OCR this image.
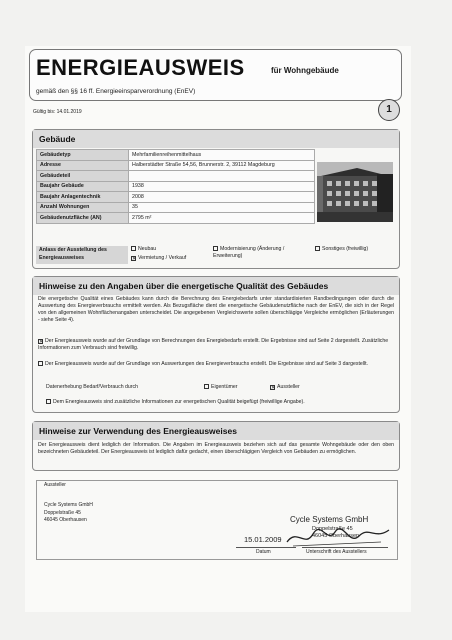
ENERGIEAUSWEIS	für Wohngebäude
gemäß den §§ 16 ff. Energieeinsparverordnung (EnEV)
Gültig bis: 14.01.2019	1
Gebäude
Gebäudetyp	Mehrfamilienreihenmittelhaus
Adresse	Halberstädter Straße 54,56, Brunnerstr. 2, 39112 Magdeburg
Gebäudeteil	
Baujahr Gebäude	1938
Baujahr Anlagentechnik	2008
Anzahl Wohnungen	35
Gebäudenutzfläche (AN)	2795 m²
Anlass der Ausstellung des Energieausweises
Neubau
✕ Vermietung / Verkauf
Modernisierung (Änderung / Erweiterung)
Sonstiges (freiwillig)
Hinweise zu den Angaben über die energetische Qualität des Gebäudes
Die energetische Qualität eines Gebäudes kann durch die Berechnung des Energiebedarfs unter standardisierten Randbedingungen oder durch die Auswertung des Energieverbrauchs ermittelt werden. Als Bezugsfläche dient die energetische Gebäudenutzfläche nach der EnEV, die sich in der Regel von den allgemeinen Wohnflächenangaben unterscheidet. Die angegebenen Vergleichswerte sollen überschlägige Vergleiche ermöglichen (Erläuterungen - siehe Seite 4).
✕ Der Energieausweis wurde auf der Grundlage von Berechnungen des Energiebedarfs erstellt. Die Ergebnisse sind auf Seite 2 dargestellt. Zusätzliche Informationen zum Verbrauch sind freiwillig.
Der Energieausweis wurde auf der Grundlage von Auswertungen des Energieverbrauchs erstellt. Die Ergebnisse sind auf Seite 3 dargestellt.
Datenerhebung Bedarf/Verbrauch durch	Eigentümer	✕ Aussteller
Dem Energieausweis sind zusätzliche Informationen zur energetischen Qualität beigefügt (freiwillige Angabe).
Hinweise zur Verwendung des Energieausweises
Der Energieausweis dient lediglich der Information. Die Angaben im Energieausweis beziehen sich auf das gesamte Wohngebäude oder den oben bezeichneten Gebäudeteil. Der Energieausweis ist lediglich dafür gedacht, einen überschlägigen Vergleich von Gebäuden zu ermöglichen.
Aussteller
Cycle Systems GmbH
Doppelstraße 45
46045 Oberhausen	Cycle Systems GmbH
Doppelstraße 45
46045 Oberhausen
15.01.2009
Datum	Unterschrift des Ausstellers
